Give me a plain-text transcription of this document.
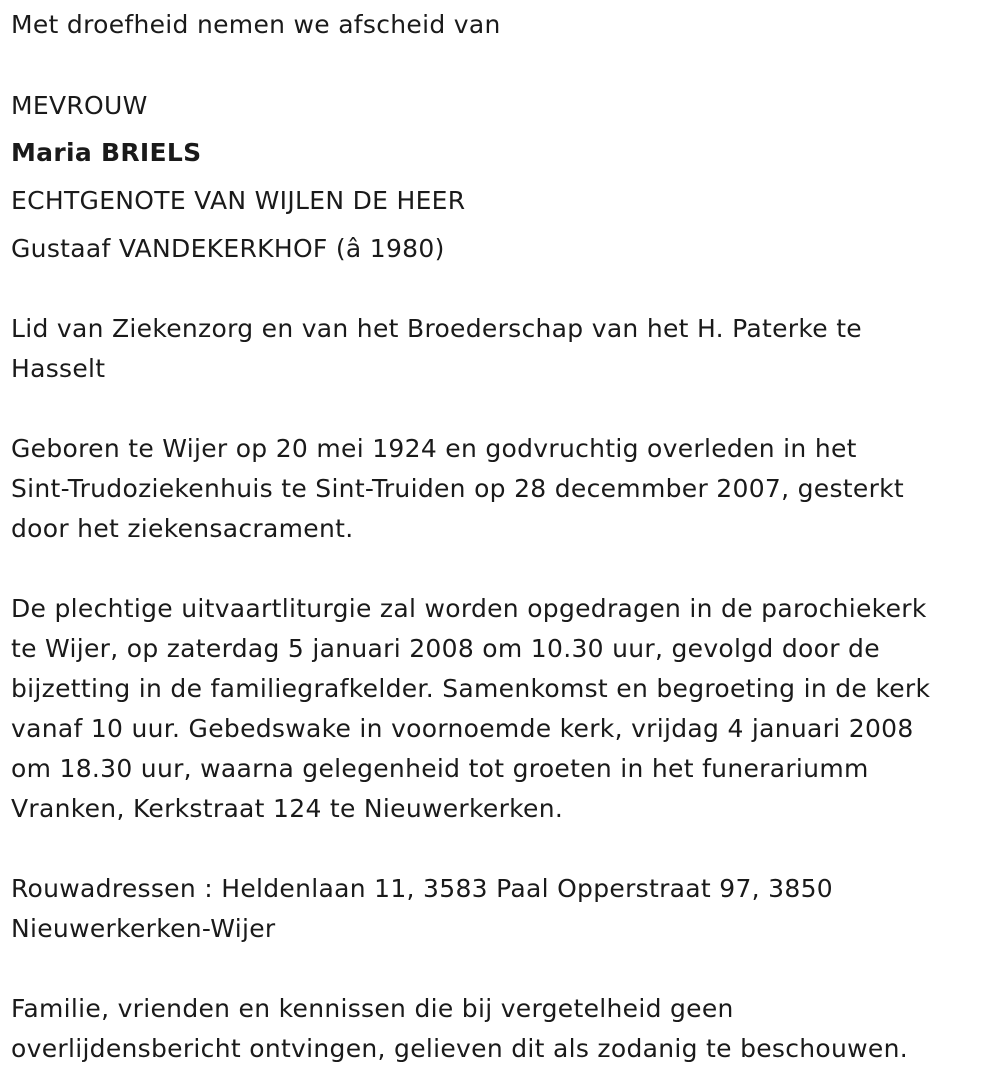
Met droefheid nemen we afscheid van
MEVROUW
Maria BRIELS
ECHTGENOTE VAN WIJLEN DE HEER
Gustaaf VANDEKERKHOF (â 1980)
Lid van Ziekenzorg en van het Broederschap van het H. Paterke te
Hasselt
Geboren te Wijer op 20 mei 1924 en godvruchtig overleden in het
Sint-Trudoziekenhuis te Sint-Truiden op 28 decemmber 2007, gesterkt
door het ziekensacrament.
De plechtige uitvaartliturgie zal worden opgedragen in de parochiekerk
te Wijer, op zaterdag 5 januari 2008 om 10.30 uur, gevolgd door de
bijzetting in de familiegrafkelder. Samenkomst en begroeting in de kerk
vanaf 10 uur. Gebedswake in voornoemde kerk, vrijdag 4 januari 2008
om 18.30 uur, waarna gelegenheid tot groeten in het funerariumm
Vranken, Kerkstraat 124 te Nieuwerkerken.
Rouwadressen : Heldenlaan 11, 3583 Paal Opperstraat 97, 3850
Nieuwerkerken-Wijer
Familie, vrienden en kennissen die bij vergetelheid geen
overlijdensbericht ontvingen, gelieven dit als zodanig te beschouwen.
